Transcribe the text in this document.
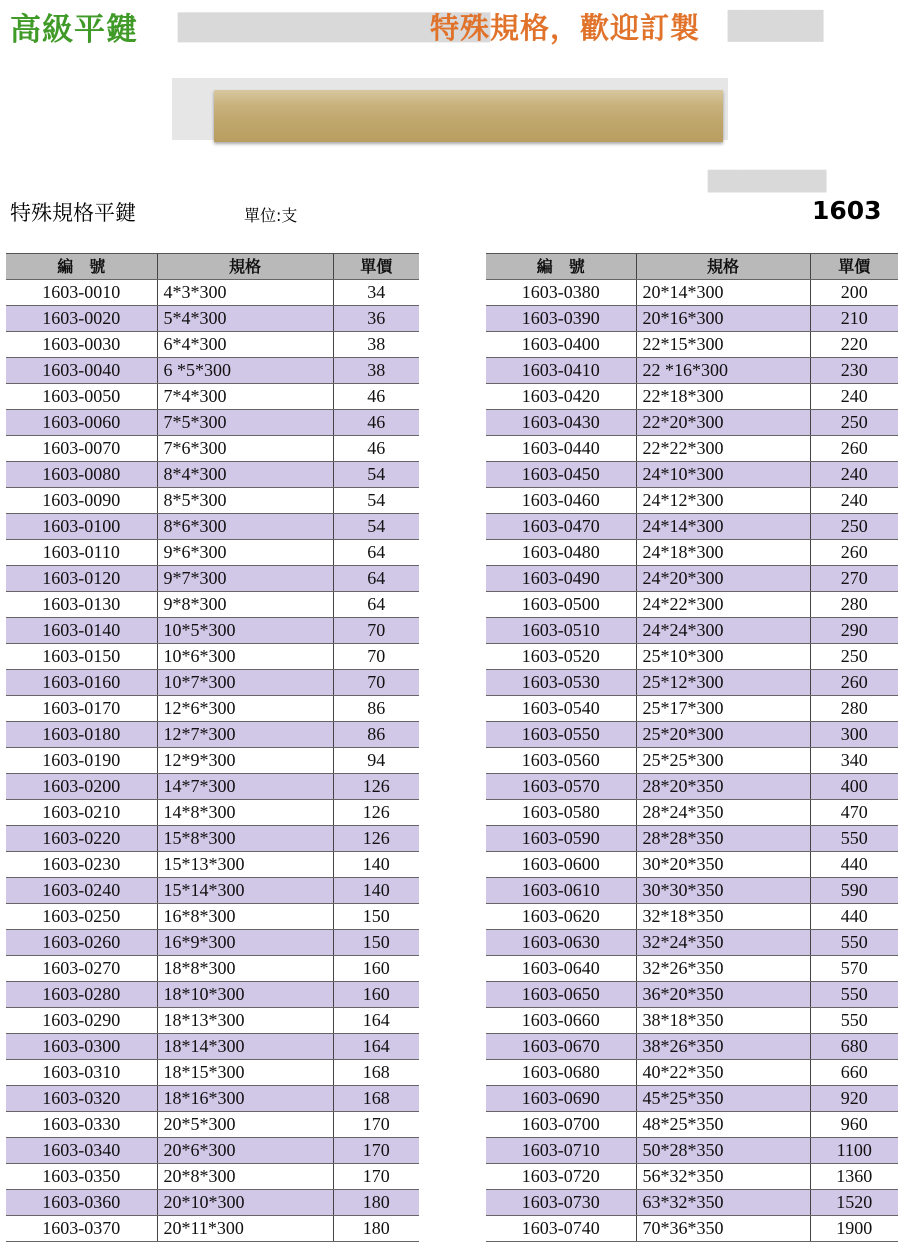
▇▇▇▇▇▇▇▇▇▇▇▇▇▇	▇▇▇▇
▇▇▇▇▇▇▇
高級平鍵	特殊規格，歡迎訂製
特殊規格平鍵	單位:支	1603
編　號	規格	單價
1603-0010	4*3*300	34
1603-0020	5*4*300	36
1603-0030	6*4*300	38
1603-0040	6 *5*300	38
1603-0050	7*4*300	46
1603-0060	7*5*300	46
1603-0070	7*6*300	46
1603-0080	8*4*300	54
1603-0090	8*5*300	54
1603-0100	8*6*300	54
1603-0110	9*6*300	64
1603-0120	9*7*300	64
1603-0130	9*8*300	64
1603-0140	10*5*300	70
1603-0150	10*6*300	70
1603-0160	10*7*300	70
1603-0170	12*6*300	86
1603-0180	12*7*300	86
1603-0190	12*9*300	94
1603-0200	14*7*300	126
1603-0210	14*8*300	126
1603-0220	15*8*300	126
1603-0230	15*13*300	140
1603-0240	15*14*300	140
1603-0250	16*8*300	150
1603-0260	16*9*300	150
1603-0270	18*8*300	160
1603-0280	18*10*300	160
1603-0290	18*13*300	164
1603-0300	18*14*300	164
1603-0310	18*15*300	168
1603-0320	18*16*300	168
1603-0330	20*5*300	170
1603-0340	20*6*300	170
1603-0350	20*8*300	170
1603-0360	20*10*300	180
1603-0370	20*11*300	180
編　號	規格	單價
1603-0380	20*14*300	200
1603-0390	20*16*300	210
1603-0400	22*15*300	220
1603-0410	22 *16*300	230
1603-0420	22*18*300	240
1603-0430	22*20*300	250
1603-0440	22*22*300	260
1603-0450	24*10*300	240
1603-0460	24*12*300	240
1603-0470	24*14*300	250
1603-0480	24*18*300	260
1603-0490	24*20*300	270
1603-0500	24*22*300	280
1603-0510	24*24*300	290
1603-0520	25*10*300	250
1603-0530	25*12*300	260
1603-0540	25*17*300	280
1603-0550	25*20*300	300
1603-0560	25*25*300	340
1603-0570	28*20*350	400
1603-0580	28*24*350	470
1603-0590	28*28*350	550
1603-0600	30*20*350	440
1603-0610	30*30*350	590
1603-0620	32*18*350	440
1603-0630	32*24*350	550
1603-0640	32*26*350	570
1603-0650	36*20*350	550
1603-0660	38*18*350	550
1603-0670	38*26*350	680
1603-0680	40*22*350	660
1603-0690	45*25*350	920
1603-0700	48*25*350	960
1603-0710	50*28*350	1100
1603-0720	56*32*350	1360
1603-0730	63*32*350	1520
1603-0740	70*36*350	1900
